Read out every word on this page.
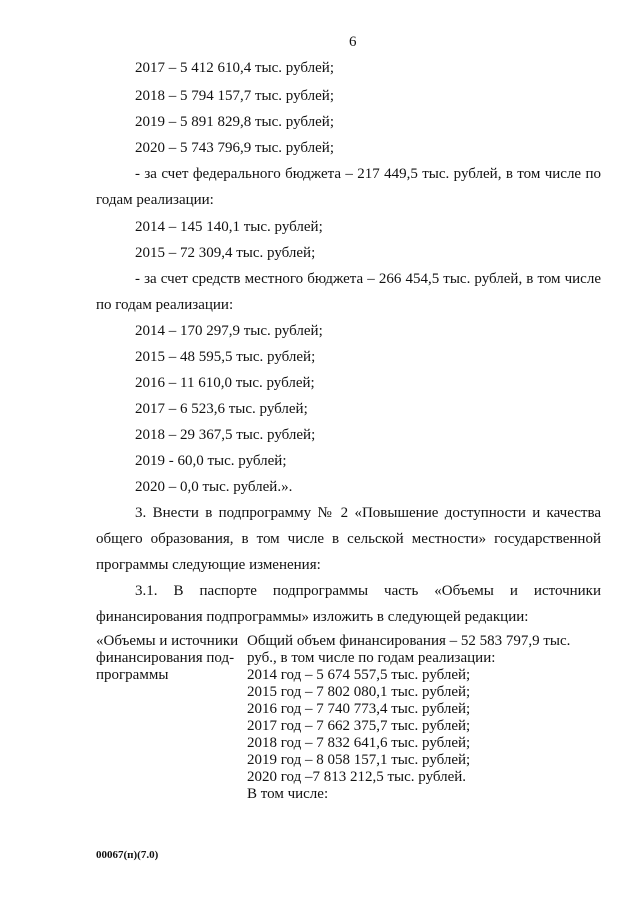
6
2017 – 5 412 610,4 тыс. рублей;
2018 – 5 794 157,7 тыс. рублей;
2019 – 5 891 829,8 тыс. рублей;
2020 – 5 743 796,9 тыс. рублей;
- за счет федерального бюджета – 217 449,5 тыс. рублей, в том числе по
годам реализации:
2014 – 145 140,1 тыс. рублей;
2015 – 72 309,4 тыс. рублей;
- за счет средств местного бюджета – 266 454,5 тыс. рублей, в том числе
по годам реализации:
2014 – 170 297,9 тыс. рублей;
2015 – 48 595,5 тыс. рублей;
2016 – 11 610,0 тыс. рублей;
2017 – 6 523,6 тыс. рублей;
2018 – 29 367,5 тыс. рублей;
2019 - 60,0 тыс. рублей;
2020 – 0,0 тыс. рублей.».
3. Внести в подпрограмму № 2 «Повышение доступности и качества
общего образования, в том числе в сельской местности» государственной
программы следующие изменения:
3.1. В паспорте подпрограммы часть «Объемы и источники
финансирования подпрограммы» изложить в следующей редакции:
«Объемы и источники
финансирования под-
программы
Общий объем финансирования – 52 583 797,9 тыс.
руб., в том числе по годам реализации:
2014 год – 5 674 557,5 тыс. рублей;
2015 год – 7 802 080,1 тыс. рублей;
2016 год – 7 740 773,4 тыс. рублей;
2017 год – 7 662 375,7 тыс. рублей;
2018 год – 7 832 641,6 тыс. рублей;
2019 год – 8 058 157,1 тыс. рублей;
2020 год –7 813 212,5 тыс. рублей.
В том числе:
00067(п)(7.0)
